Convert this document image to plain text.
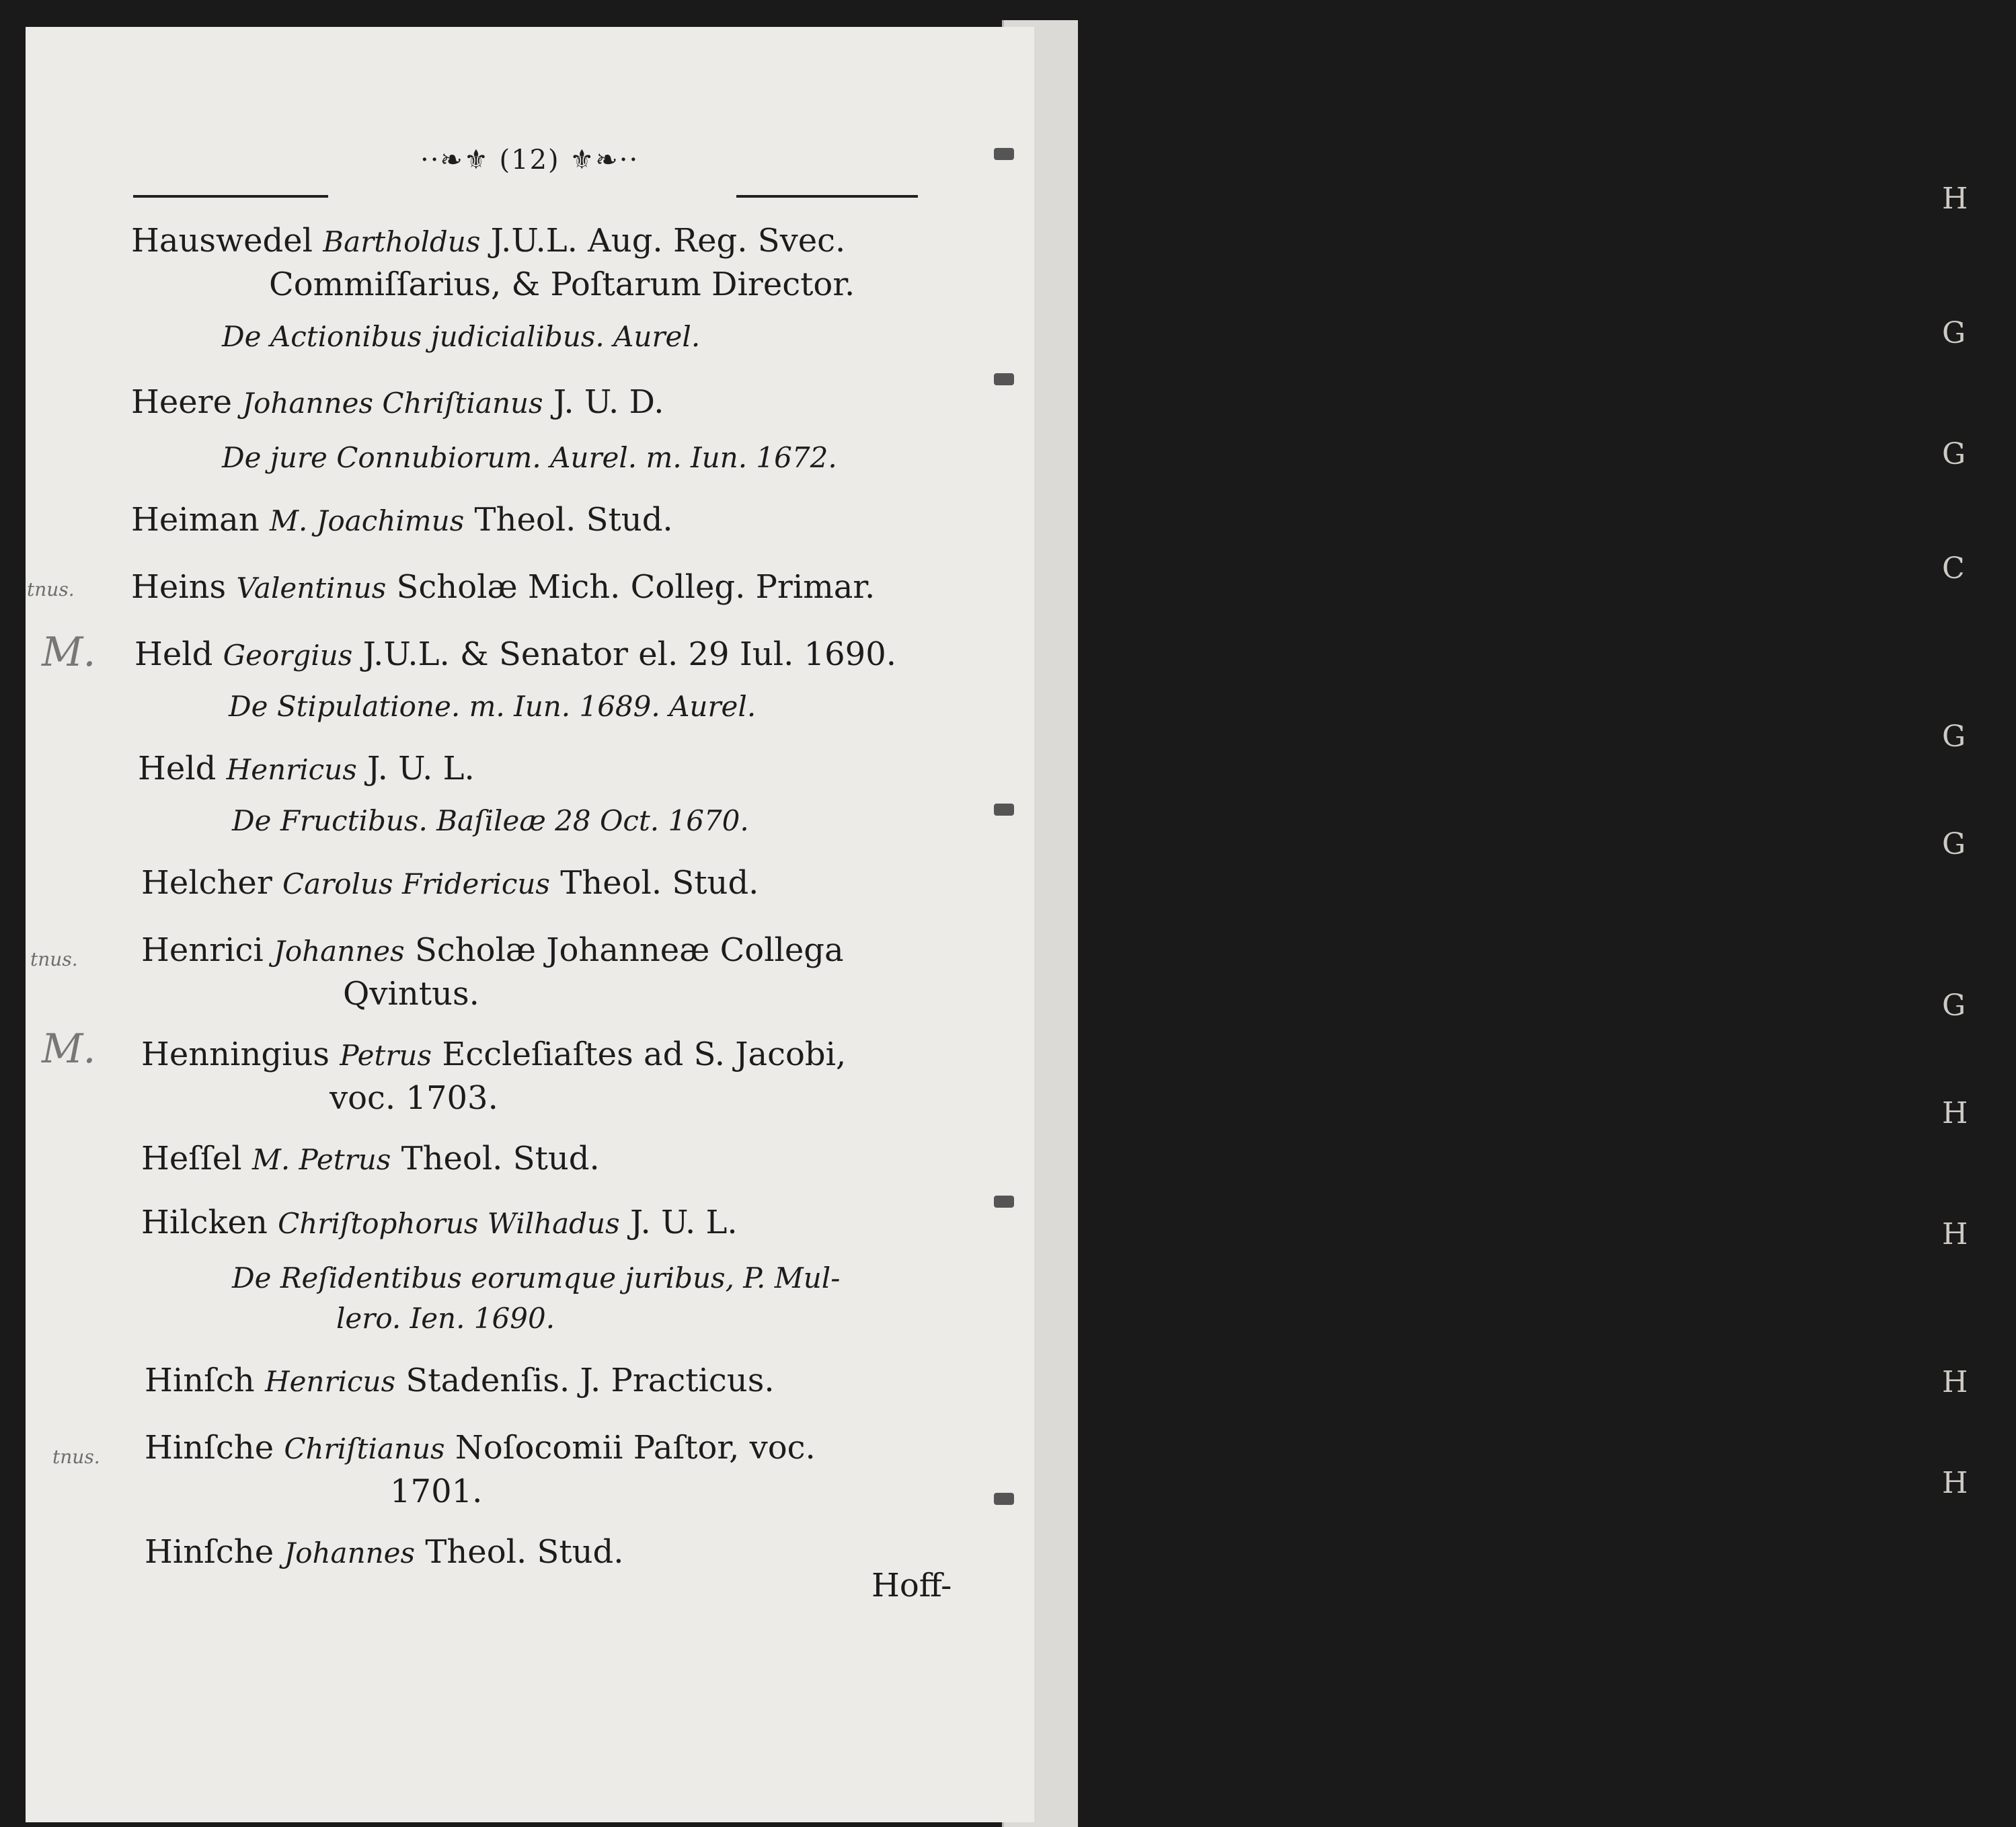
H
G
G
C
G
G
G
H
H
H
H
··❧⚜ (12) ⚜❧··
Hauswedel Bartholdus J.U.L. Aug. Reg. Svec.
Commiſſarius, & Poſtarum Director.
De Actionibus judicialibus. Aurel.
Heere Johannes Chriſtianus J. U. D.
De jure Connubiorum. Aurel. m. Iun. 1672.
Heiman M. Joachimus Theol. Stud.
tnus. Heins Valentinus Scholæ Mich. Colleg. Primar.
M. Held Georgius J.U.L. & Senator el. 29 Iul. 1690.
De Stipulatione. m. Iun. 1689. Aurel.
Held Henricus J. U. L.
De Fructibus. Baſileæ 28 Oct. 1670.
Helcher Carolus Fridericus Theol. Stud.
tnus. Henrici Johannes Scholæ Johanneæ Collega
Qvintus.
M. Henningius Petrus Eccleſiaſtes ad S. Jacobi,
voc. 1703.
Heſſel M. Petrus Theol. Stud.
Hilcken Chriſtophorus Wilhadus J. U. L.
De Reſidentibus eorumque juribus, P. Mul-
lero. Ien. 1690.
Hinſch Henricus Stadenſis. J. Practicus.
tnus. Hinſche Chriſtianus Noſocomii Paſtor, voc.
1701.
Hinſche Johannes Theol. Stud.
Hoff-
